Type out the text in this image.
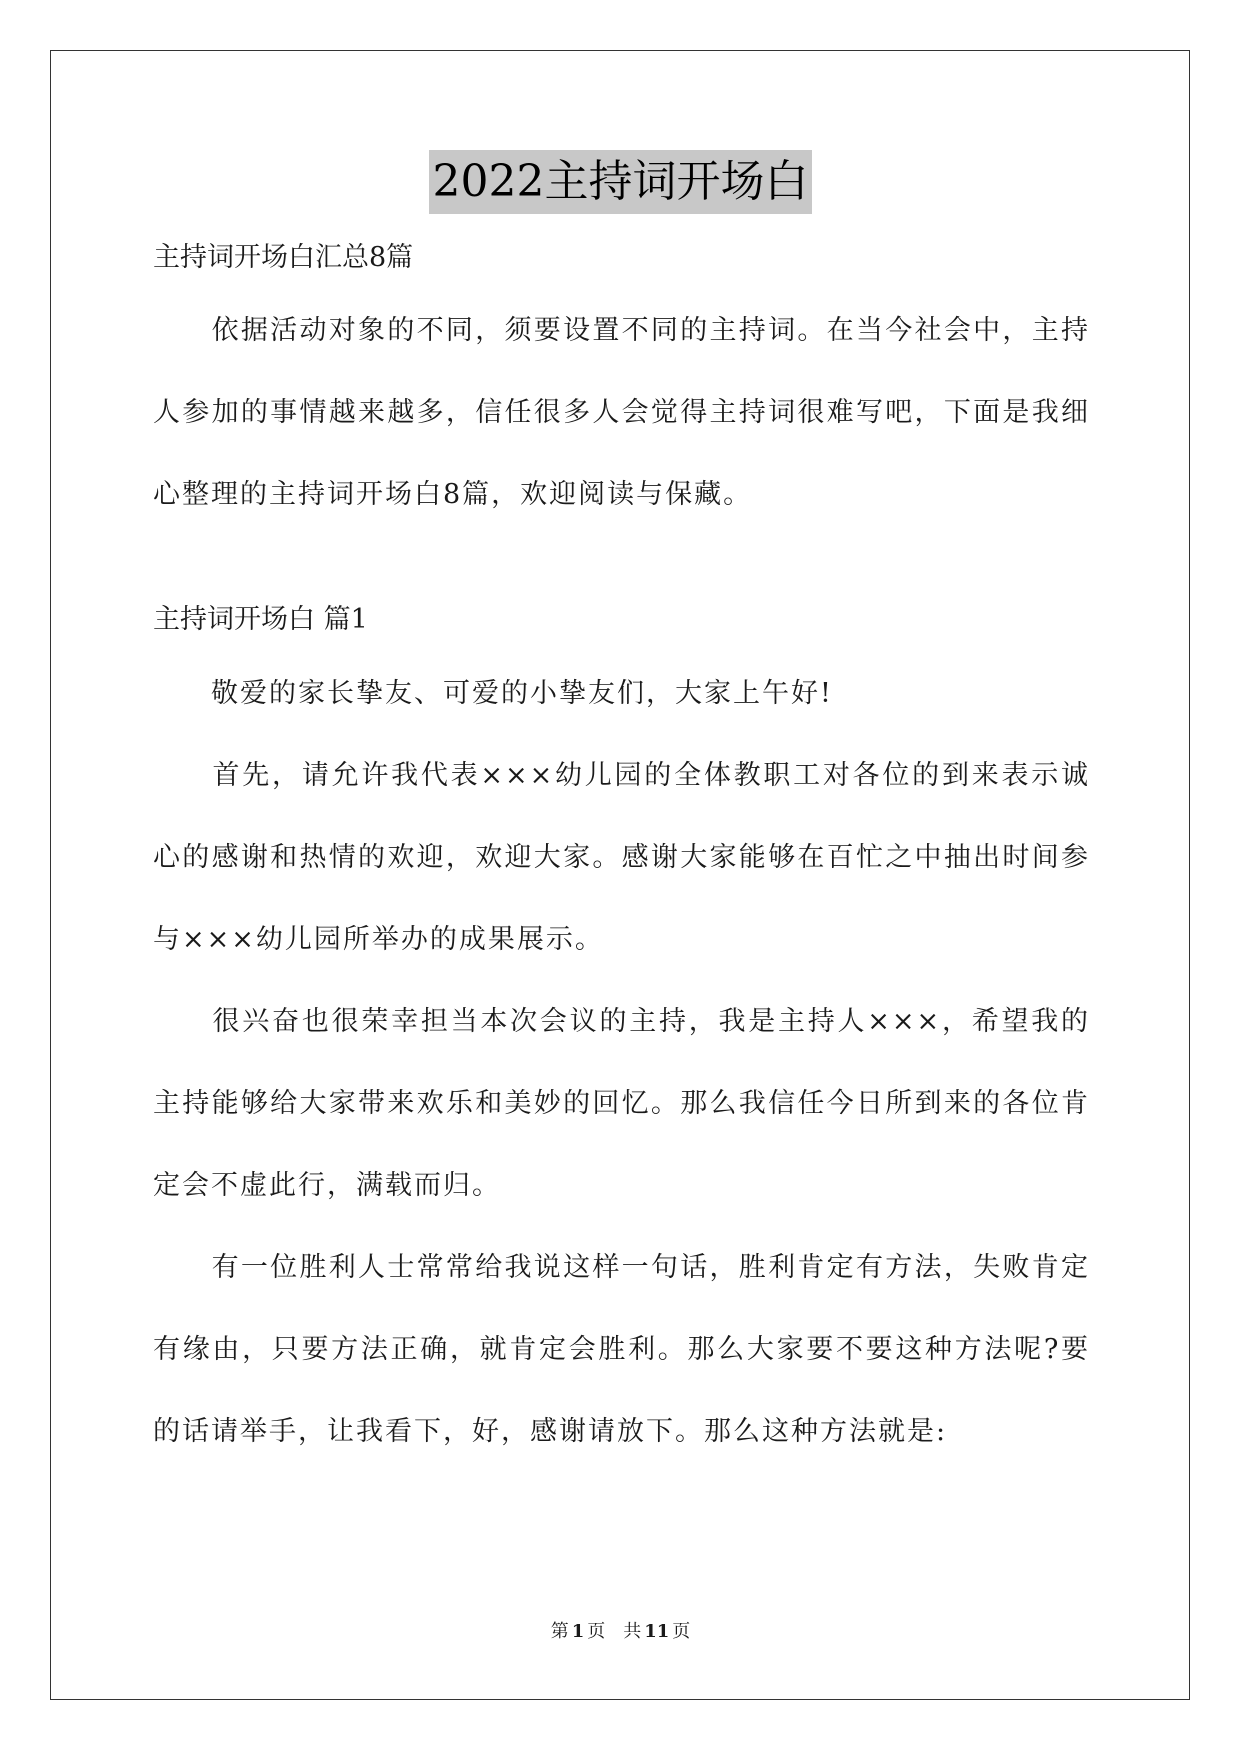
2022主持词开场白
主持词开场白汇总8篇

　　依据活动对象的不同，须要设置不同的主持词。在当今社会中，主持人参加的事情越来越多，信任很多人会觉得主持词很难写吧，下面是我细心整理的主持词开场白8篇，欢迎阅读与保藏。

主持词开场白 篇1

　　敬爱的家长挚友、可爱的小挚友们，大家上午好!

　　首先，请允许我代表×××幼儿园的全体教职工对各位的到来表示诚心的感谢和热情的欢迎，欢迎大家。感谢大家能够在百忙之中抽出时间参与×××幼儿园所举办的成果展示。

　　很兴奋也很荣幸担当本次会议的主持，我是主持人×××，希望我的主持能够给大家带来欢乐和美妙的回忆。那么我信任今日所到来的各位肯定会不虚此行，满载而归。

　　有一位胜利人士常常给我说这样一句话，胜利肯定有方法，失败肯定有缘由，只要方法正确，就肯定会胜利。那么大家要不要这种方法呢?要的话请举手，让我看下，好，感谢请放下。那么这种方法就是:

第 1 页　共 11 页
